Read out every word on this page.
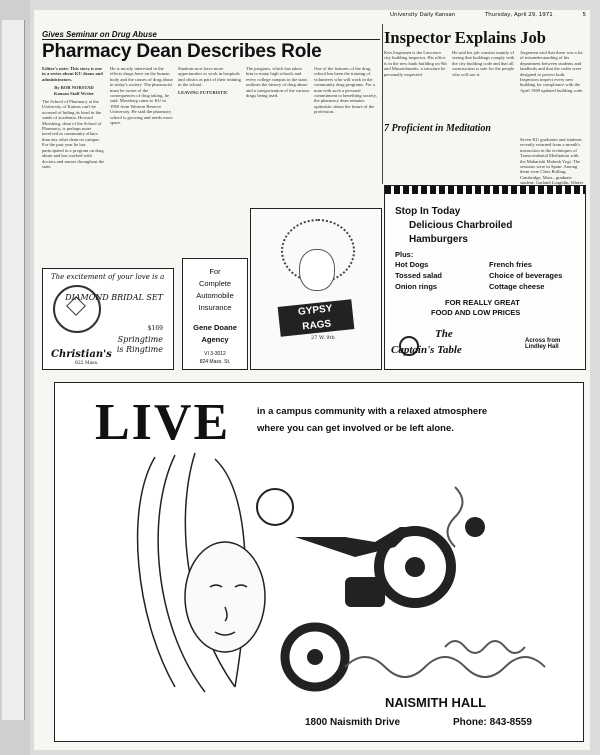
University Daily Kansan	Thursday, April 29, 1971	5
Gives Seminar on Drug Abuse
Pharmacy Dean Describes Role
Editor's note: This story is one in a series about KU deans and administrators.
By BOB NORSTAD
Kansan Staff Writer
The School of Pharmacy at the University of Kansas can't be accused of hiding its head in the sands of academia. Howard Mossberg, dean of the School of Pharmacy, is perhaps more involved in community affairs than any other dean on campus. For the past year he has participated in a program on drug abuse and has worked with doctors and nurses throughout the state.
He is mostly interested in the effects drugs have on the human body and the causes of drug abuse in today's society. The pharmacist must be aware of the consequences of drug taking, he said. Mossberg came to KU in 1969 from Western Reserve University. He said the pharmacy school is growing and needs more space.
Students now have more opportunities to work in hospitals and clinics as part of their training in the school.
LEAVING FUTURISTIC
The program, which has taken him to many high schools and every college campus in the state, outlines the history of drug abuse and a categorization of the various drugs being used.
One of the features of the drug school has been the training of volunteers who will work in the community drug programs. For a man with such a personal commitment to benefiting society, the pharmacy dean remains optimistic about the future of the profession.
Inspector Explains Job
Ken Jorgensen is the Lawrence city building inspector. His office is in the new bank building on 9th and Massachusetts, a structure he personally inspected.
He said his job consists mainly of seeing that buildings comply with the city building code and that all construction is safe for the people who will use it.
Jorgensen said that there was a lot of misunderstanding of his department between students and landlords and that the codes were designed to protect both. Inspectors inspect every new building for compliance with the April 1969 updated building code.
7 Proficient in Meditation
Seven KU graduates and students recently returned from a month's instruction in the techniques of Transcendental Meditation with the Maharishi Mahesh Yogi. The sessions were in Spain. Among them were Chris Bolling, Cambridge, Mass., graduate student; Garland Loughlin, Winter
The excitement of your love is a
DIAMOND BRIDAL SET
$169
Springtime
is Ringtime
Christian's
822 Mass.
For
Complete
Automobile
Insurance
Gene Doane
Agency
VI 3-3012
824 Mass. St.
GYPSY
RAGS
27 W. 9th
Stop In Today
Delicious Charbroiled
Hamburgers
Plus:
Hot Dogs
Tossed salad
Onion rings
French fries
Choice of beverages
Cottage cheese
FOR REALLY GREAT
FOOD AND LOW PRICES
The
Captain's Table
Across from
Lindley Hall
LIVE	in a campus community with a relaxed atmosphere
where you can get involved or be left alone.
NAISMITH HALL
1800 Naismith Drive	Phone: 843-8559
